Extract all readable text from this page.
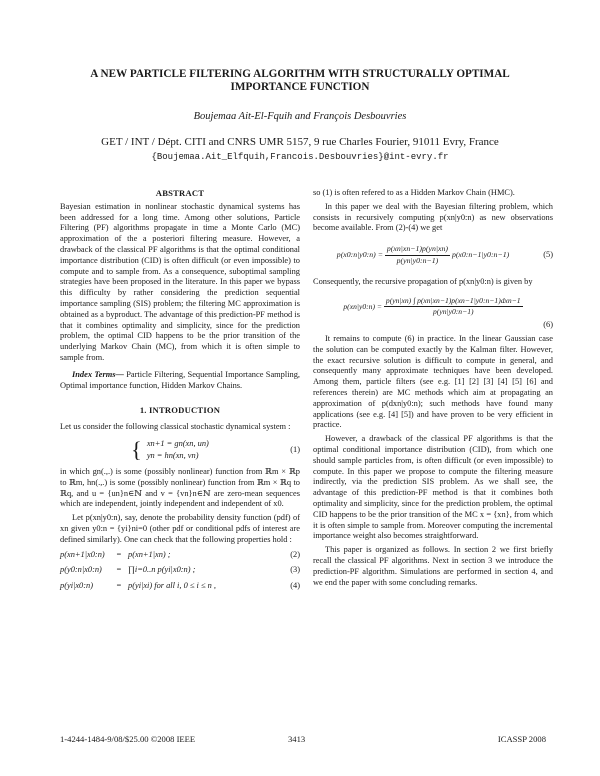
A NEW PARTICLE FILTERING ALGORITHM WITH STRUCTURALLY OPTIMAL IMPORTANCE FUNCTION
Boujemaa Ait-El-Fquih and François Desbouvries
GET / INT / Dépt. CITI and CNRS UMR 5157, 9 rue Charles Fourier, 91011 Evry, France
{Boujemaa.Ait_Elfquih,Francois.Desbouvries}@int-evry.fr
ABSTRACT

Bayesian estimation in nonlinear stochastic dynamical systems has been addressed for a long time. Among other solutions, Particle Filtering (PF) algorithms propagate in time a Monte Carlo (MC) approximation of the a posteriori filtering measure. However, a drawback of the classical PF algorithms is that the optimal conditional importance distribution (CID) is often difficult (or even impossible) to compute and to sample from. As a consequence, suboptimal sampling strategies have been proposed in the literature. In this paper we bypass this difficulty by rather considering the prediction sequential importance sampling (SIS) problem; the filtering MC approximation is obtained as a byproduct. The advantage of this prediction-PF method is that it combines optimality and simplicity, since for the prediction problem, the optimal CID happens to be the prior transition of the underlying Markov Chain (MC), from which it is often simple to sample from.

Index Terms— Particle Filtering, Sequential Importance Sampling, Optimal importance function, Hidden Markov Chains.

1. INTRODUCTION

Let us consider the following classical stochastic dynamical system :

{ xn+1 = gn(xn, un)
yn = hn(xn, vn)
(1)

in which gn(.,.) is some (possibly nonlinear) function from ℝm × ℝp to ℝm, hn(.,.) is some (possibly nonlinear) function from ℝm × ℝq to ℝq, and u = {un}n∈ℕ and v = {vn}n∈ℕ are zero-mean sequences which are independent, jointly independent and independent of x0.

Let p(xn|y0:n), say, denote the probability density function (pdf) of xn given y0:n = {yi}ni=0 (other pdf or conditional pdfs of interest are defined similarly). One can check that the following properties hold :

p(xn+1|x0:n)	= p(xn+1|xn) ;	(2)
p(y0:n|x0:n)	= ∏i=0..n p(yi|x0:n) ;	(3)
p(yi|x0:n)	= p(yi|xi) for all i, 0 ≤ i ≤ n ,	(4)

so (1) is often refered to as a Hidden Markov Chain (HMC).

In this paper we deal with the Bayesian filtering problem, which consists in recursively computing p(xn|y0:n) as new observations become available. From (2)-(4) we get

p(x0:n|y0:n) = $\frac{p(xn|xn-1)p(yn|xn)}{p(yn|y0:n-1)}$ p(x0:n−1|y0:n−1)	(5)

Consequently, the recursive propagation of p(xn|y0:n) is given by

p(xn|y0:n) = $\frac{\text{p(yn|xn) ∫ p(xn|xn−1)p(xn−1|y0:n−1)dxn−1}}{p(yn|y0:n-1)}$
(6)

It remains to compute (6) in practice. In the linear Gaussian case the solution can be computed exactly by the Kalman filter. However, the exact recursive solution is difficult to compute in general, and consequently many approximate techniques have been developed. Among them, particle filters (see e.g. [1] [2] [3] [4] [5] [6] and references therein) are MC methods which aim at propagating an approximation of p(dxn|y0:n); such methods have found many applications (see e.g. [4] [5]) and have proven to be very efficient in practice.

However, a drawback of the classical PF algorithms is that the optimal conditional importance distribution (CID), from which one should sample particles from, is often difficult (or even impossible) to compute. In this paper we propose to compute the filtering measure indirectly, via the prediction SIS problem. As we shall see, the advantage of this prediction-PF method is that it combines both optimality and simplicity, since for the prediction problem, the optimal CID happens to be the prior transition of the MC x = {xn}, from which it is often simple to sample from. Moreover computing the incremental importance weight also becomes straightforward.

This paper is organized as follows. In section 2 we first briefly recall the classical PF algorithms. Next in section 3 we introduce the prediction-PF algorithm. Simulations are performed in section 4, and we end the paper with some concluding remarks.

1-4244-1484-9/08/$25.00 ©2008 IEEE	3413	ICASSP 2008
